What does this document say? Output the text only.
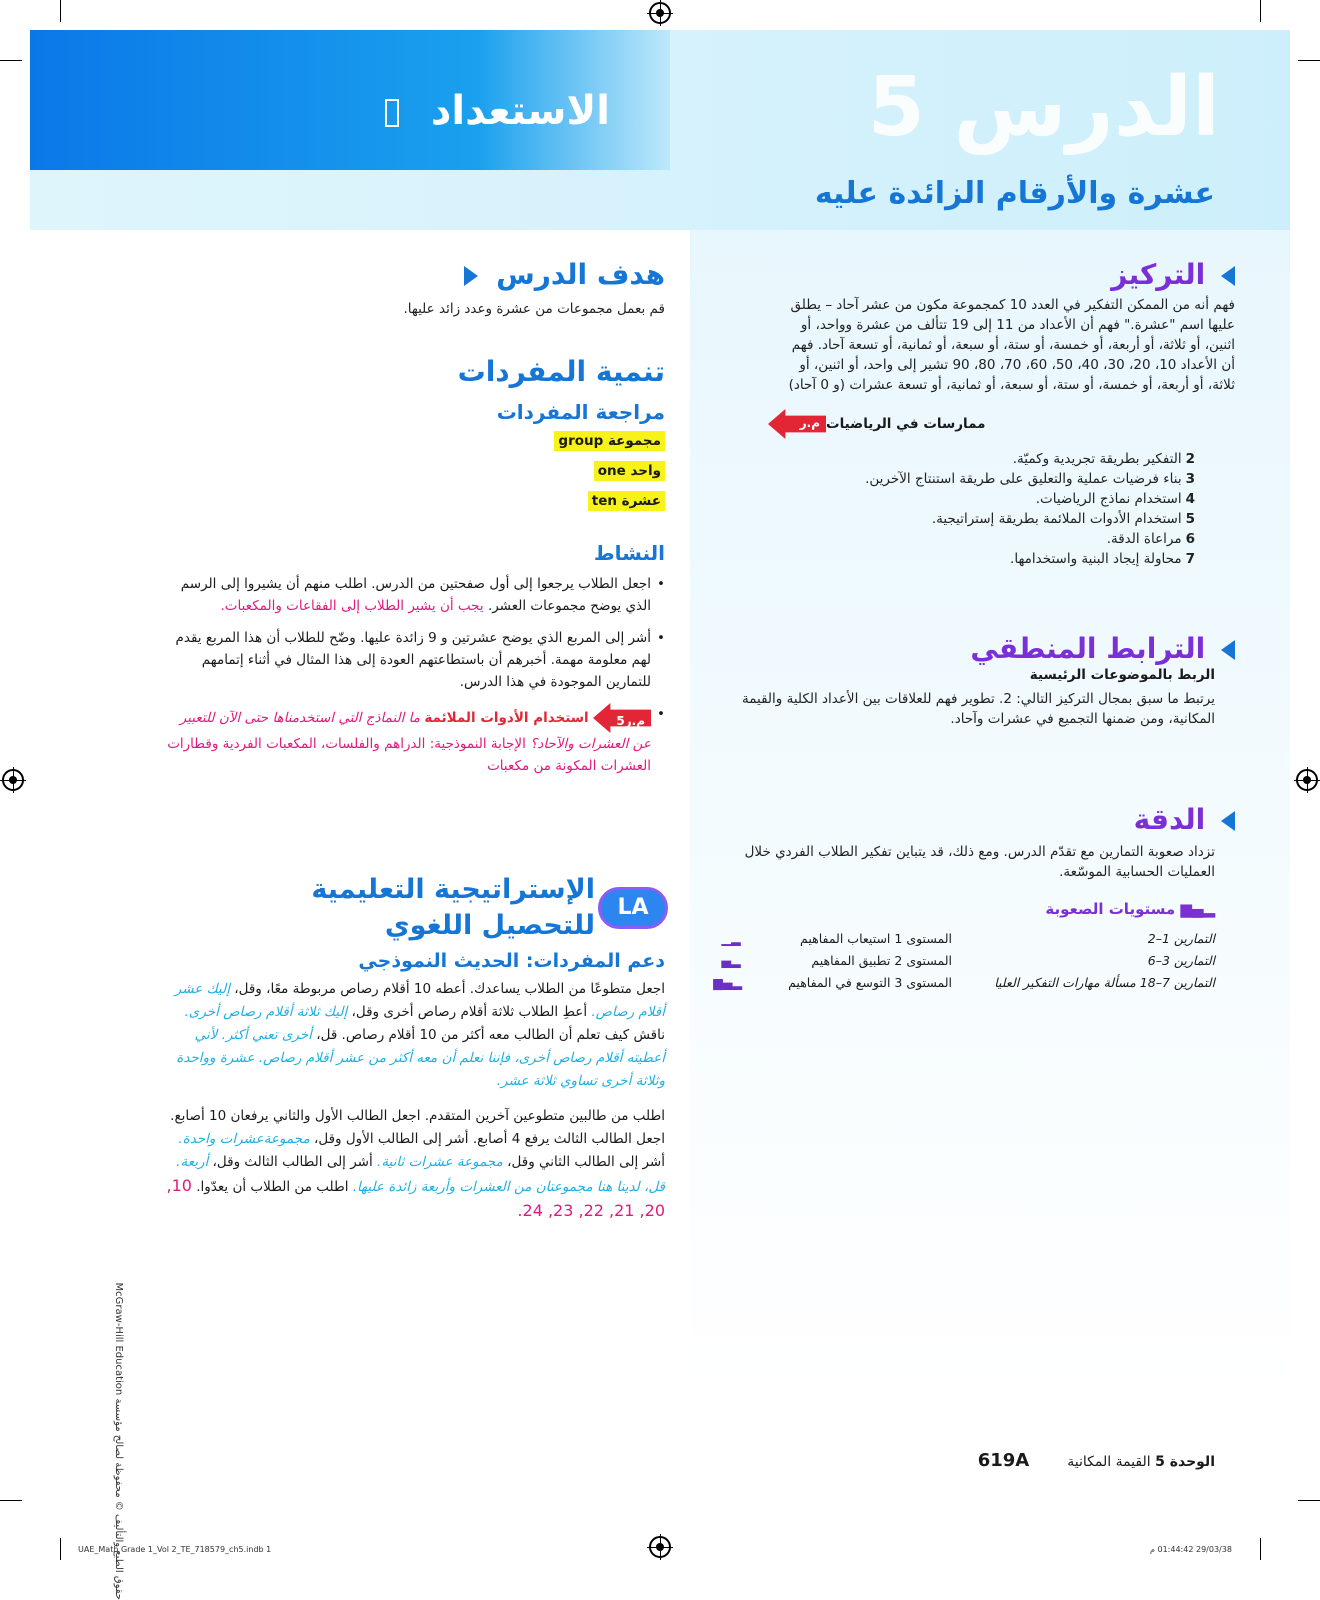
الاستعداد	الدرس 5
عشرة والأرقام الزائدة عليه
التركيز

فهم أنه من الممكن التفكير في العدد 10 كمجموعة مكون من عشر آحاد – يطلق عليها اسم "عشرة." فهم أن الأعداد من 11 إلى 19 تتألف من عشرة وواحد، أو اثنين، أو ثلاثة، أو أربعة، أو خمسة، أو ستة، أو سبعة، أو ثمانية، أو تسعة آحاد. فهم أن الأعداد 10، 20، 30، 40، 50، 60، 70، 80، 90 تشير إلى واحد، أو اثنين، أو ثلاثة، أو أربعة، أو خمسة، أو ستة، أو سبعة، أو ثمانية، أو تسعة عشرات (و 0 آحاد)

م.ر ممارسات في الرياضيات
2التفكير بطريقة تجريدية وكميّة.
3بناء فرضيات عملية والتعليق على طريقة استنتاج الآخرين.
4استخدام نماذج الرياضيات.
5استخدام الأدوات الملائمة بطريقة إستراتيجية.
6مراعاة الدقة.
7محاولة إيجاد البنية واستخدامها.
الترابط المنطقي
الربط بالموضوعات الرئيسية

يرتبط ما سبق بمجال التركيز التالي: 2. تطوير فهم للعلاقات بين الأعداد الكلية والقيمة المكانية، ومن ضمنها التجميع في عشرات وآحاد.

الدقة

تزداد صعوبة التمارين مع تقدّم الدرس. ومع ذلك، قد يتباين تفكير الطلاب الفردي خلال العمليات الحسابية الموسّعة.

▂▄▆ مستويات الصعوبة
▂▁	المستوى 1 استيعاب المفاهيم	التمارين 1–2
▂▄	المستوى 2 تطبيق المفاهيم	التمارين 3–6
▂▄▆	المستوى 3 التوسع في المفاهيم	التمارين 7–18 مسألة مهارات التفكير العليا
هدف الدرس

قم بعمل مجموعات من عشرة وعدد زائد عليها.

تنمية المفردات
مراجعة المفردات
مجموعة group
واحد one
عشرة ten
النشاط
• اجعل الطلاب يرجعوا إلى أول صفحتين من الدرس. اطلب منهم أن يشيروا إلى الرسم الذي يوضح مجموعات العشر. يجب أن يشير الطلاب إلى الفقاعات والمكعبات.
• أشر إلى المربع الذي يوضح عشرتين و 9 زائدة عليها. وضّح للطلاب أن هذا المربع يقدم لهم معلومة مهمة. أخبرهم أن باستطاعتهم العودة إلى هذا المثال في أثناء إتمامهم للتمارين الموجودة في هذا الدرس.
• م.ر5
استخدام الأدوات الملائمة ما النماذج التي استخدمناها حتى الآن للتعبير عن العشرات والآحاد؟ الإجابة النموذجية: الدراهم والفلسات، المكعبات الفردية وقطارات العشرات المكونة من مكعبات
LA
الإستراتيجية التعليمية للتحصيل اللغوي
دعم المفردات: الحديث النموذجي

اجعل متطوعًا من الطلاب يساعدك. أعطه 10 أقلام رصاص مربوطة معًا، وقل، إليك عشر أقلام رصاص. أعطِ الطلاب ثلاثة أقلام رصاص أخرى وقل، إليك ثلاثة أقلام رصاص أخرى. ناقش كيف تعلم أن الطالب معه أكثر من 10 أقلام رصاص. قل، أخرى تعني أكثر. لأني أعطيته أقلام رصاص أخرى، فإننا نعلم أن معه أكثر من عشر أقلام رصاص. عشرة وواحدة وثلاثة أخرى تساوي ثلاثة عشر.

اطلب من طالبين متطوعين آخرين المتقدم. اجعل الطالب الأول والثاني يرفعان 10 أصابع. اجعل الطالب الثالث يرفع 4 أصابع. أشر إلى الطالب الأول وقل، مجموعةعشرات واحدة. أشر إلى الطالب الثاني وقل، مجموعة عشرات ثانية. أشر إلى الطالب الثالث وقل، أربعة. قل، لدينا هنا مجموعتان من العشرات وأربعة زائدة عليها. اطلب من الطلاب أن يعدّوا. 10, 20, 21, 22, 23, 24.

حقوق الطبع والتأليف © محفوظة لصالح مؤسسة McGraw-Hill Education	الوحدة 5 القيمة المكانية
619A
UAE_Math Grade 1_Vol 2_TE_718579_ch5.indb 1	29/03/38 01:44:42 م
